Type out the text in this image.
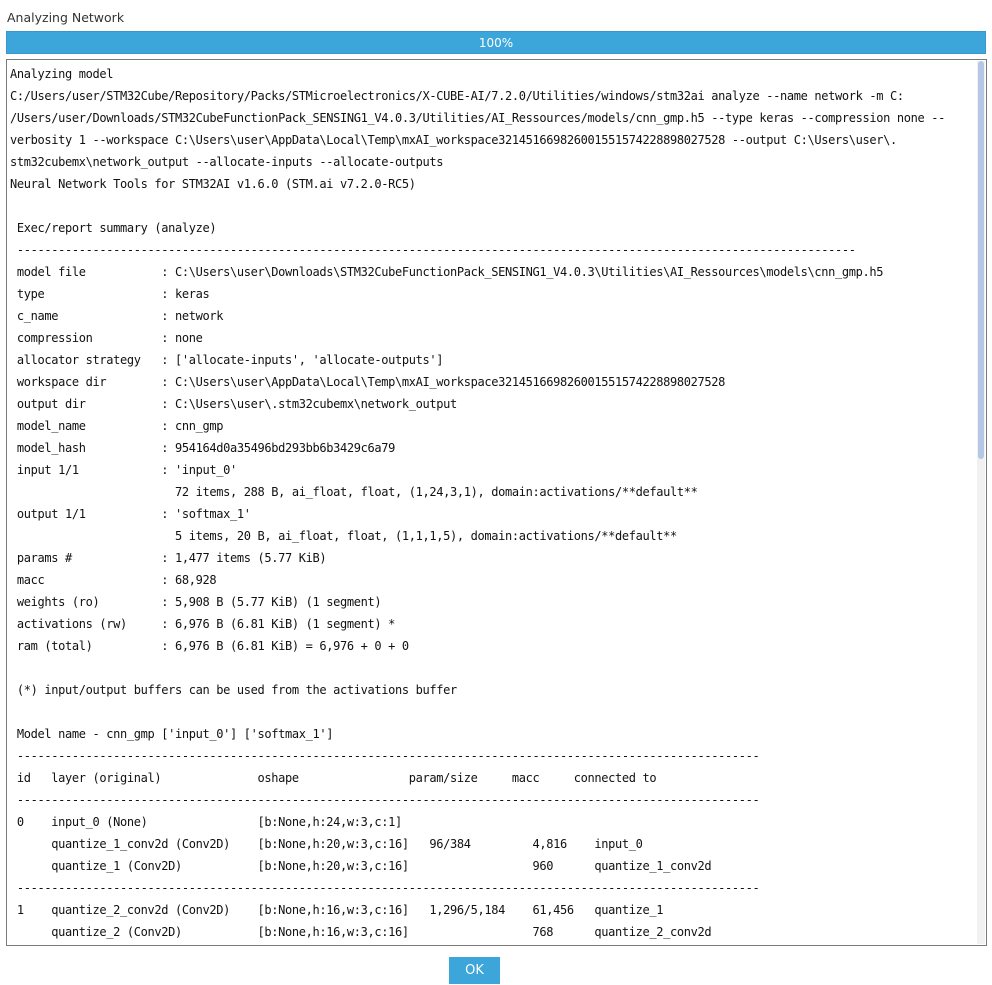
Analyzing Network
100%
Analyzing model
C:/Users/user/STM32Cube/Repository/Packs/STMicroelectronics/X-CUBE-AI/7.2.0/Utilities/windows/stm32ai analyze --name network -m C:
/Users/user/Downloads/STM32CubeFunctionPack_SENSING1_V4.0.3/Utilities/AI_Ressources/models/cnn_gmp.h5 --type keras --compression none --
verbosity 1 --workspace C:\Users\user\AppData\Local\Temp\mxAI_workspace321451669826001551574228898027528 --output C:\Users\user\.
stm32cubemx\network_output --allocate-inputs --allocate-outputs
Neural Network Tools for STM32AI v1.6.0 (STM.ai v7.2.0-RC5)

Exec/report summary (analyze)
--------------------------------------------------------------------------------------------------------------------------
model file           : C:\Users\user\Downloads\STM32CubeFunctionPack_SENSING1_V4.0.3\Utilities\AI_Ressources\models\cnn_gmp.h5
type                 : keras
c_name               : network
compression          : none
allocator strategy   : ['allocate-inputs', 'allocate-outputs']
workspace dir        : C:\Users\user\AppData\Local\Temp\mxAI_workspace321451669826001551574228898027528
output dir           : C:\Users\user\.stm32cubemx\network_output
model_name           : cnn_gmp
model_hash           : 954164d0a35496bd293bb6b3429c6a79
input 1/1            : 'input_0'
72 items, 288 B, ai_float, float, (1,24,3,1), domain:activations/**default**
output 1/1           : 'softmax_1'
5 items, 20 B, ai_float, float, (1,1,1,5), domain:activations/**default**
params #             : 1,477 items (5.77 KiB)
macc                 : 68,928
weights (ro)         : 5,908 B (5.77 KiB) (1 segment)
activations (rw)     : 6,976 B (6.81 KiB) (1 segment) *
ram (total)          : 6,976 B (6.81 KiB) = 6,976 + 0 + 0

(*) input/output buffers can be used from the activations buffer

Model name - cnn_gmp ['input_0'] ['softmax_1']
------------------------------------------------------------------------------------------------------------
id   layer (original)              oshape                param/size     macc     connected to
------------------------------------------------------------------------------------------------------------
0    input_0 (None)                [b:None,h:24,w:3,c:1]
quantize_1_conv2d (Conv2D)    [b:None,h:20,w:3,c:16]   96/384         4,816    input_0
quantize_1 (Conv2D)           [b:None,h:20,w:3,c:16]                  960      quantize_1_conv2d
------------------------------------------------------------------------------------------------------------
1    quantize_2_conv2d (Conv2D)    [b:None,h:16,w:3,c:16]   1,296/5,184    61,456   quantize_1
quantize_2 (Conv2D)           [b:None,h:16,w:3,c:16]                  768      quantize_2_conv2d
OK
